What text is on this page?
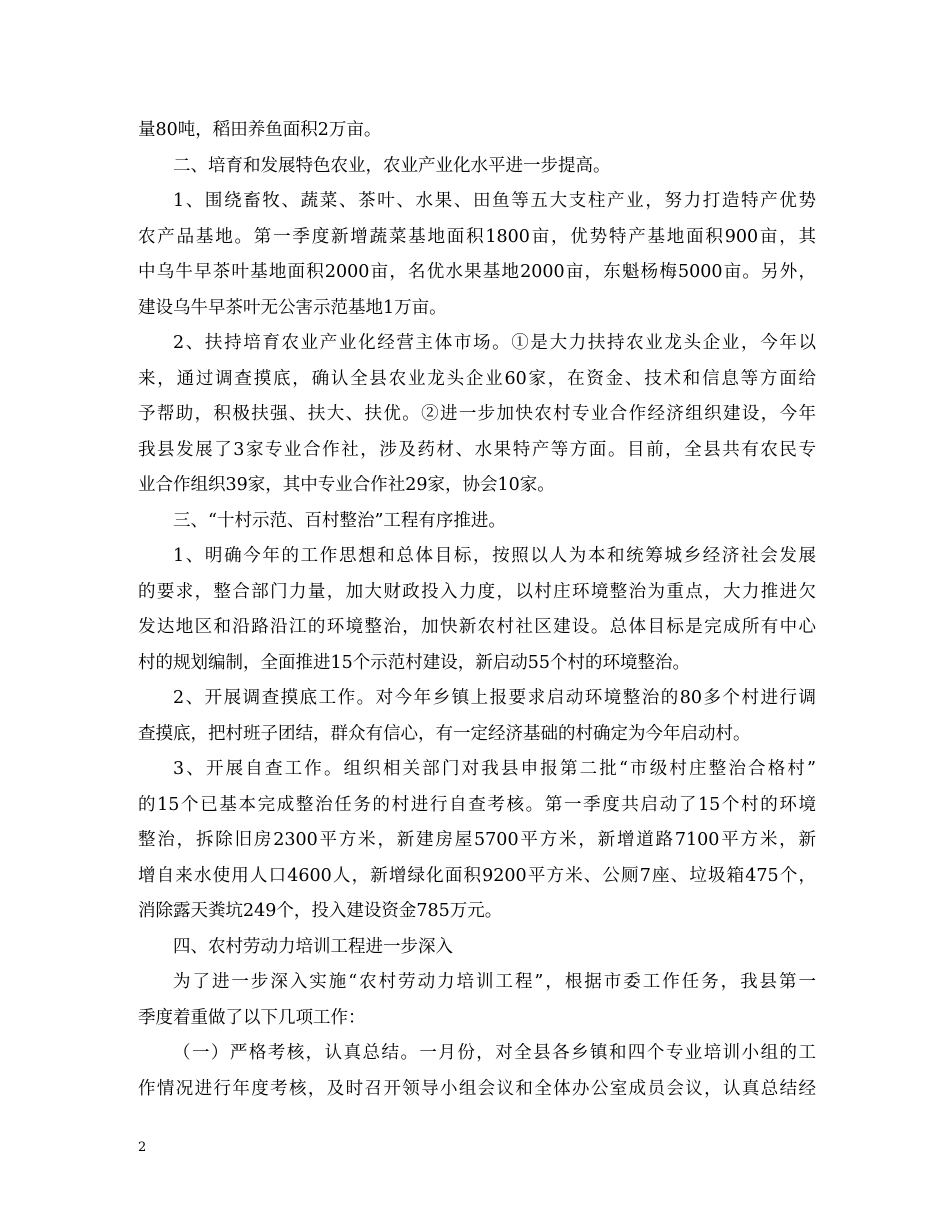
量80吨，稻田养鱼面积2万亩。
二、培育和发展特色农业，农业产业化水平进一步提高。
1、围绕畜牧、蔬菜、茶叶、水果、田鱼等五大支柱产业，努力打造特产优势
农产品基地。第一季度新增蔬菜基地面积1800亩，优势特产基地面积900亩，其
中乌牛早茶叶基地面积2000亩，名优水果基地2000亩，东魁杨梅5000亩。另外，
建设乌牛早茶叶无公害示范基地1万亩。
2、扶持培育农业产业化经营主体市场。①是大力扶持农业龙头企业，今年以
来，通过调查摸底，确认全县农业龙头企业60家，在资金、技术和信息等方面给
予帮助，积极扶强、扶大、扶优。②进一步加快农村专业合作经济组织建设，今年
我县发展了3家专业合作社，涉及药材、水果特产等方面。目前，全县共有农民专
业合作组织39家，其中专业合作社29家，协会10家。
三、“十村示范、百村整治”工程有序推进。
1、明确今年的工作思想和总体目标，按照以人为本和统筹城乡经济社会发展
的要求，整合部门力量，加大财政投入力度，以村庄环境整治为重点，大力推进欠
发达地区和沿路沿江的环境整治，加快新农村社区建设。总体目标是完成所有中心
村的规划编制，全面推进15个示范村建设，新启动55个村的环境整治。
2、开展调查摸底工作。对今年乡镇上报要求启动环境整治的80多个村进行调
查摸底，把村班子团结，群众有信心，有一定经济基础的村确定为今年启动村。
3、开展自查工作。组织相关部门对我县申报第二批“市级村庄整治合格村”
的15个已基本完成整治任务的村进行自查考核。第一季度共启动了15个村的环境
整治，拆除旧房2300平方米，新建房屋5700平方米，新增道路7100平方米，新
增自来水使用人口4600人，新增绿化面积9200平方米、公厕7座、垃圾箱475个，
消除露天粪坑249个，投入建设资金785万元。
四、农村劳动力培训工程进一步深入
为了进一步深入实施“农村劳动力培训工程”，根据市委工作任务，我县第一
季度着重做了以下几项工作：
（一）严格考核，认真总结。一月份，对全县各乡镇和四个专业培训小组的工
作情况进行年度考核，及时召开领导小组会议和全体办公室成员会议，认真总结经
2
